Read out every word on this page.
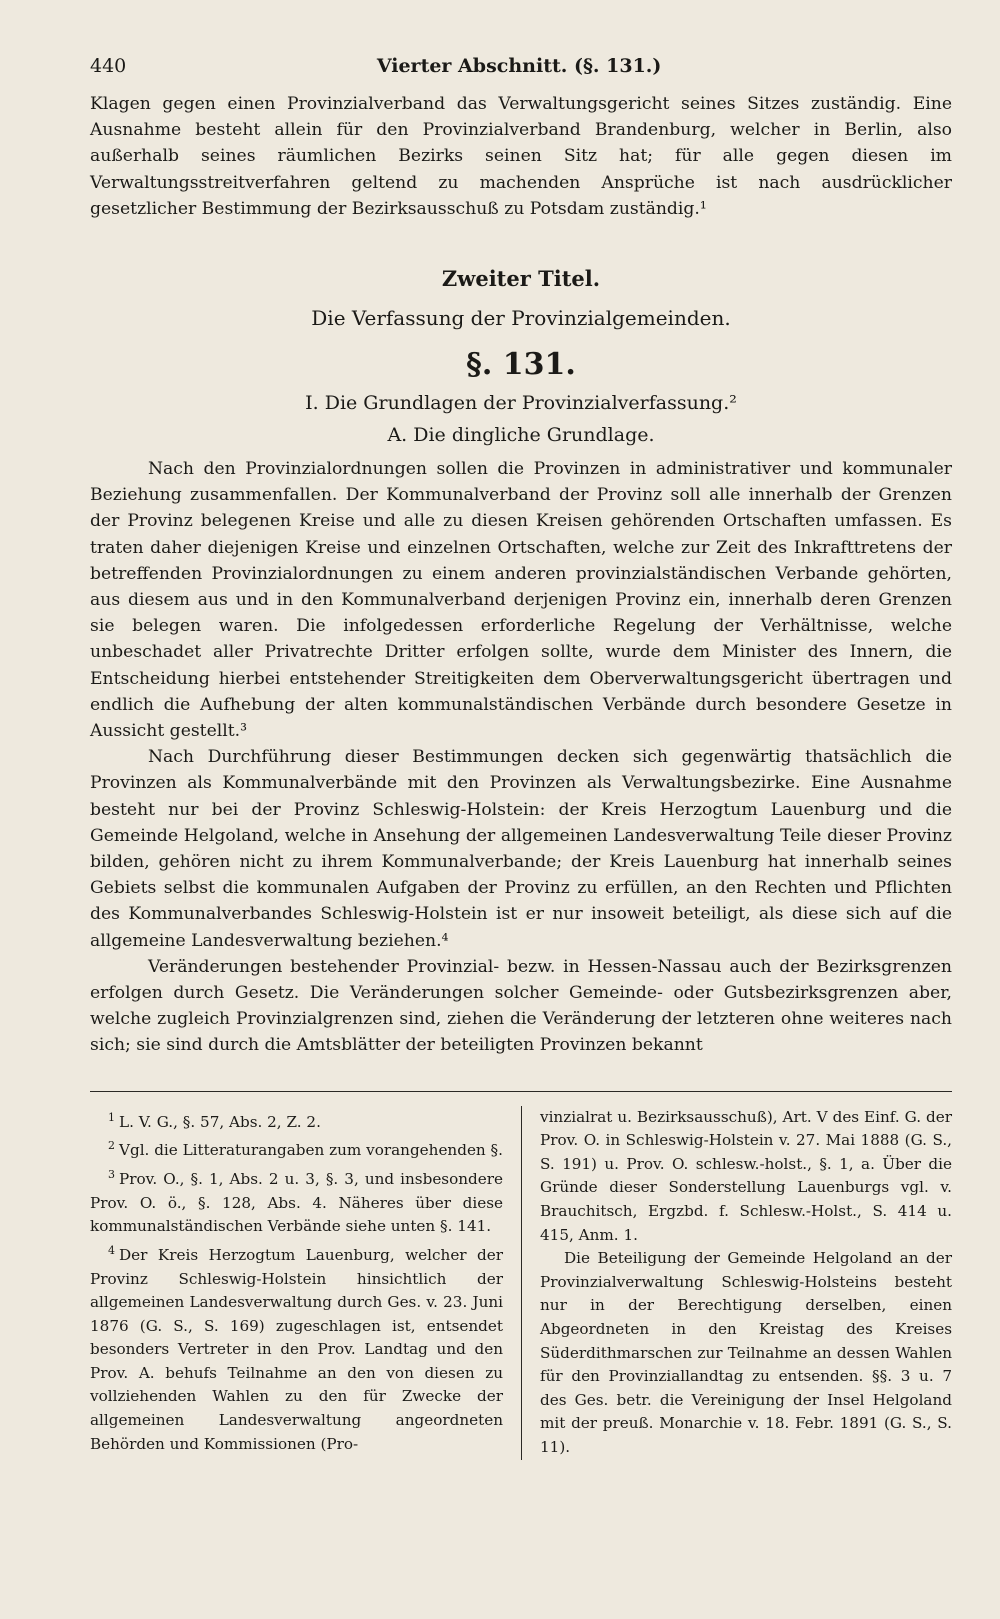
440	Vierter Abschnitt. (§. 131.)

Klagen gegen einen Provinzialverband das Verwaltungsgericht seines Sitzes zuständig. Eine Ausnahme besteht allein für den Provinzialverband Brandenburg, welcher in Berlin, also außerhalb seines räumlichen Bezirks seinen Sitz hat; für alle gegen diesen im Verwaltungsstreitverfahren geltend zu machenden Ansprüche ist nach ausdrücklicher gesetzlicher Bestimmung der Bezirksausschuß zu Potsdam zuständig.¹

Zweiter Titel.
Die Verfassung der Provinzialgemeinden.
§. 131.
I. Die Grundlagen der Provinzialverfassung.²
A. Die dingliche Grundlage.

Nach den Provinzialordnungen sollen die Provinzen in administrativer und kommunaler Beziehung zusammenfallen. Der Kommunalverband der Provinz soll alle innerhalb der Grenzen der Provinz belegenen Kreise und alle zu diesen Kreisen gehörenden Ortschaften umfassen. Es traten daher diejenigen Kreise und einzelnen Ortschaften, welche zur Zeit des Inkrafttretens der betreffenden Provinzialordnungen zu einem anderen provinzialständischen Verbande gehörten, aus diesem aus und in den Kommunalverband derjenigen Provinz ein, innerhalb deren Grenzen sie belegen waren. Die infolgedessen erforderliche Regelung der Verhältnisse, welche unbeschadet aller Privatrechte Dritter erfolgen sollte, wurde dem Minister des Innern, die Entscheidung hierbei entstehender Streitigkeiten dem Oberverwaltungsgericht übertragen und endlich die Aufhebung der alten kommunalständischen Verbände durch besondere Gesetze in Aussicht gestellt.³

Nach Durchführung dieser Bestimmungen decken sich gegenwärtig thatsächlich die Provinzen als Kommunalverbände mit den Provinzen als Verwaltungsbezirke. Eine Ausnahme besteht nur bei der Provinz Schleswig-Holstein: der Kreis Herzogtum Lauenburg und die Gemeinde Helgoland, welche in Ansehung der allgemeinen Landesverwaltung Teile dieser Provinz bilden, gehören nicht zu ihrem Kommunalverbande; der Kreis Lauenburg hat innerhalb seines Gebiets selbst die kommunalen Aufgaben der Provinz zu erfüllen, an den Rechten und Pflichten des Kommunalverbandes Schleswig-Holstein ist er nur insoweit beteiligt, als diese sich auf die allgemeine Landesverwaltung beziehen.⁴

Veränderungen bestehender Provinzial- bezw. in Hessen-Nassau auch der Bezirksgrenzen erfolgen durch Gesetz. Die Veränderungen solcher Gemeinde- oder Gutsbezirksgrenzen aber, welche zugleich Provinzialgrenzen sind, ziehen die Veränderung der letzteren ohne weiteres nach sich; sie sind durch die Amtsblätter der beteiligten Provinzen bekannt

$^1$ L. V. G., §. 57, Abs. 2, Z. 2.

$^2$ Vgl. die Litteraturangaben zum vorangehenden §.

$^3$ Prov. O., §. 1, Abs. 2 u. 3, §. 3, und insbesondere Prov. O. ö., §. 128, Abs. 4. Näheres über diese kommunalständischen Verbände siehe unten §. 141.

$^4$ Der Kreis Herzogtum Lauenburg, welcher der Provinz Schleswig-Holstein hinsichtlich der allgemeinen Landesverwaltung durch Ges. v. 23. Juni 1876 (G. S., S. 169) zugeschlagen ist, entsendet besonders Vertreter in den Prov. Landtag und den Prov. A. behufs Teilnahme an den von diesen zu vollziehenden Wahlen zu den für Zwecke der allgemeinen Landesverwaltung angeordneten Behörden und Kommissionen (Pro-

vinzialrat u. Bezirksausschuß), Art. V des Einf. G. der Prov. O. in Schleswig-Holstein v. 27. Mai 1888 (G. S., S. 191) u. Prov. O. schlesw.-holst., §. 1, a. Über die Gründe dieser Sonderstellung Lauenburgs vgl. v. Brauchitsch, Ergzbd. f. Schlesw.-Holst., S. 414 u. 415, Anm. 1.

Die Beteiligung der Gemeinde Helgoland an der Provinzialverwaltung Schleswig-Holsteins besteht nur in der Berechtigung derselben, einen Abgeordneten in den Kreistag des Kreises Süderdithmarschen zur Teilnahme an dessen Wahlen für den Provinziallandtag zu entsenden. §§. 3 u. 7 des Ges. betr. die Vereinigung der Insel Helgoland mit der preuß. Monarchie v. 18. Febr. 1891 (G. S., S. 11).
